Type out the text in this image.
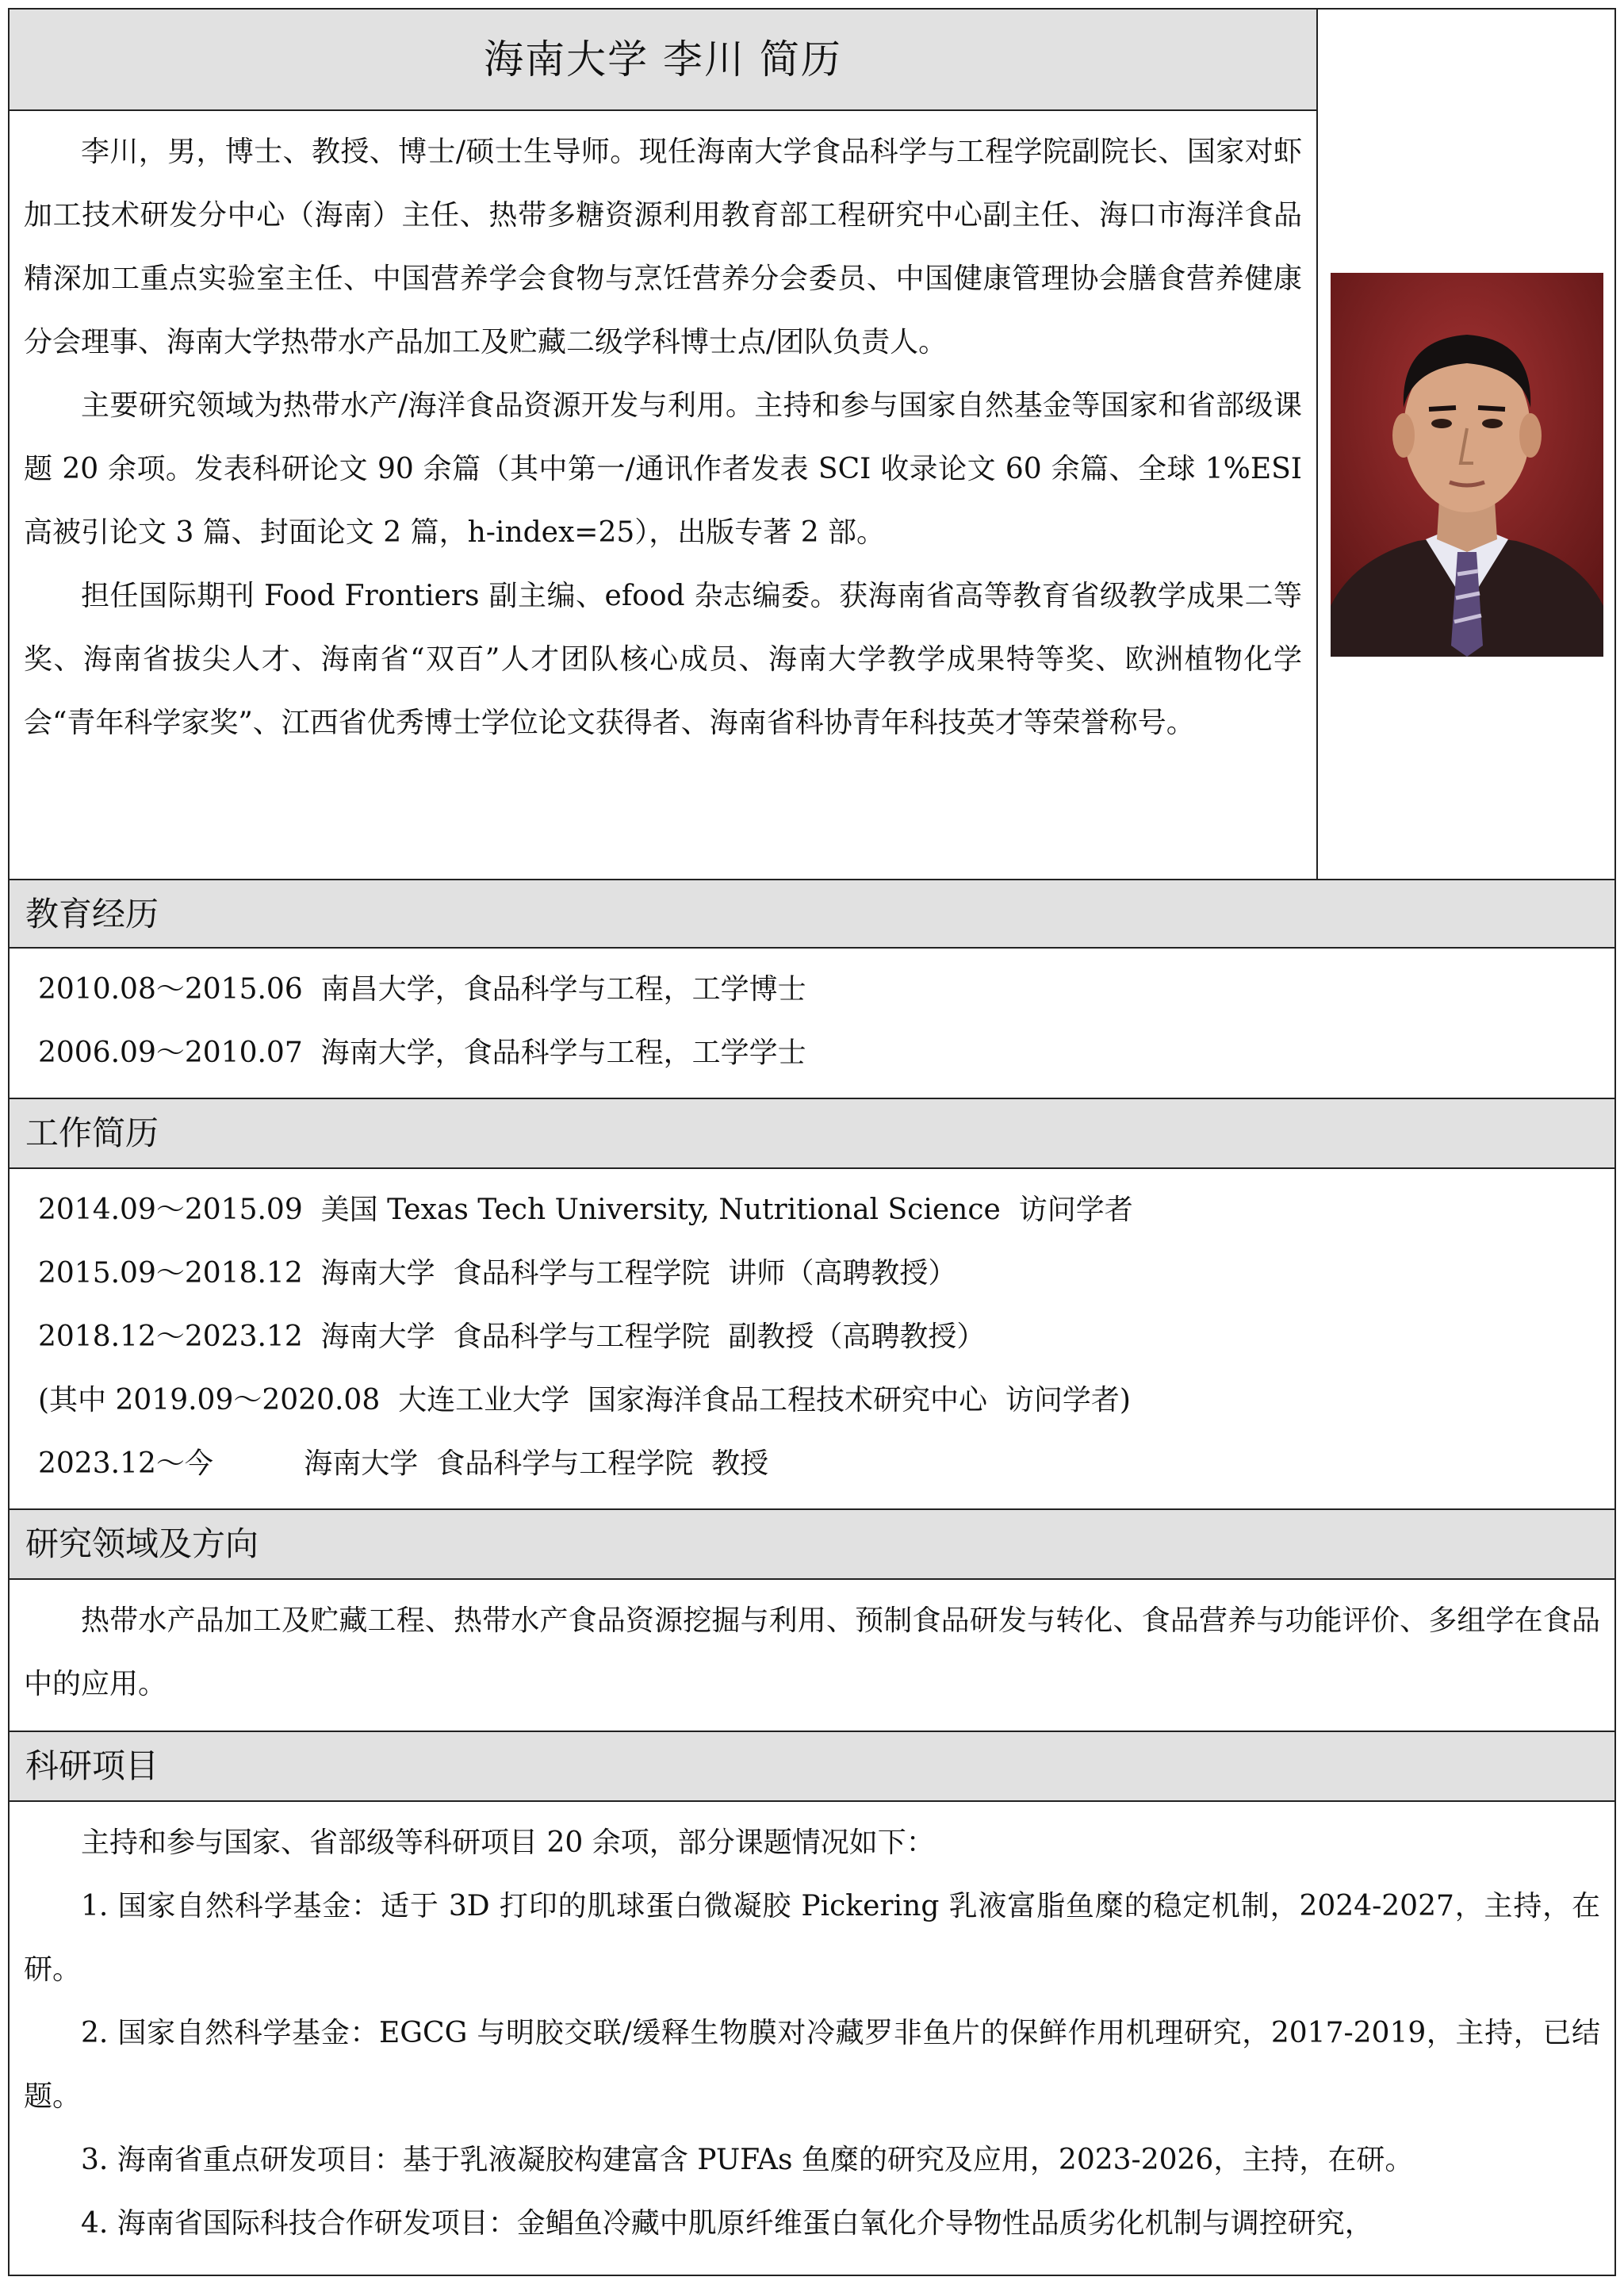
海南大学 李川 简历

李川，男，博士、教授、博士/硕士生导师。现任海南大学食品科学与工程学院副院长、国家对虾加工技术研发分中心（海南）主任、热带多糖资源利用教育部工程研究中心副主任、海口市海洋食品精深加工重点实验室主任、中国营养学会食物与烹饪营养分会委员、中国健康管理协会膳食营养健康分会理事、海南大学热带水产品加工及贮藏二级学科博士点/团队负责人。

主要研究领域为热带水产/海洋食品资源开发与利用。主持和参与国家自然基金等国家和省部级课题 20 余项。发表科研论文 90 余篇（其中第一/通讯作者发表 SCI 收录论文 60 余篇、全球 1%ESI 高被引论文 3 篇、封面论文 2 篇，h-index=25），出版专著 2 部。

担任国际期刊 Food Frontiers 副主编、efood 杂志编委。获海南省高等教育省级教学成果二等奖、海南省拔尖人才、海南省“双百”人才团队核心成员、海南大学教学成果特等奖、欧洲植物化学会“青年科学家奖”、江西省优秀博士学位论文获得者、海南省科协青年科技英才等荣誉称号。

教育经历

2010.08～2015.06  南昌大学，食品科学与工程，工学博士

2006.09～2010.07  海南大学，食品科学与工程，工学学士

工作简历

2014.09～2015.09  美国 Texas Tech University, Nutritional Science  访问学者

2015.09～2018.12  海南大学  食品科学与工程学院  讲师（高聘教授）

2018.12～2023.12  海南大学  食品科学与工程学院  副教授（高聘教授）

(其中 2019.09～2020.08  大连工业大学  国家海洋食品工程技术研究中心  访问学者)

2023.12～今          海南大学  食品科学与工程学院  教授

研究领域及方向

热带水产品加工及贮藏工程、热带水产食品资源挖掘与利用、预制食品研发与转化、食品营养与功能评价、多组学在食品中的应用。

科研项目

主持和参与国家、省部级等科研项目 20 余项，部分课题情况如下：

1. 国家自然科学基金：适于 3D 打印的肌球蛋白微凝胶 Pickering 乳液富脂鱼糜的稳定机制，2024-2027，主持，在研。

2. 国家自然科学基金：EGCG 与明胶交联/缓释生物膜对冷藏罗非鱼片的保鲜作用机理研究，2017-2019，主持，已结题。

3. 海南省重点研发项目：基于乳液凝胶构建富含 PUFAs 鱼糜的研究及应用，2023-2026，主持，在研。

4. 海南省国际科技合作研发项目：金鲳鱼冷藏中肌原纤维蛋白氧化介导物性品质劣化机制与调控研究，
